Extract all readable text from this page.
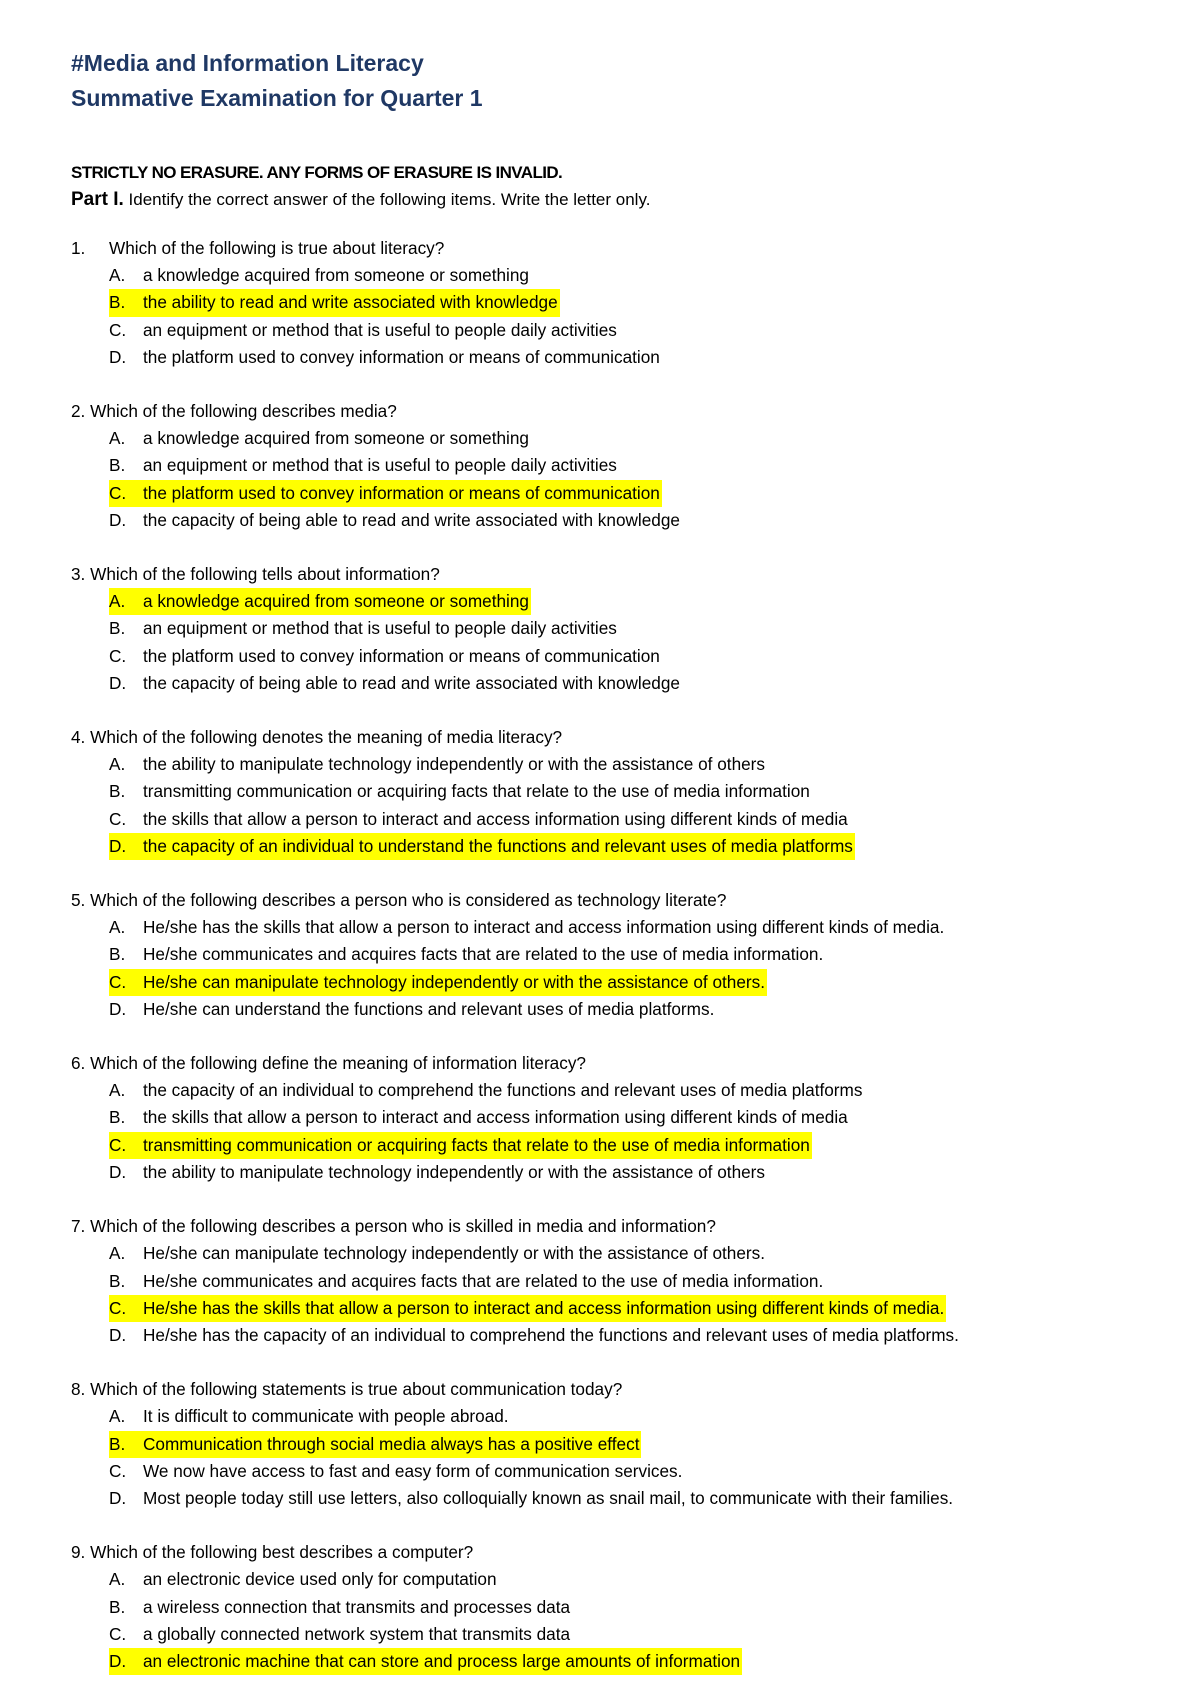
#Media and Information Literacy
Summative Examination for Quarter 1
STRICTLY NO ERASURE. ANY FORMS OF ERASURE IS INVALID.
Part I. Identify the correct answer of the following items. Write the letter only.
1. Which of the following is true about literacy?
A.	a knowledge acquired from someone or something
B. the ability to read and write associated with knowledge
C. an equipment or method that is useful to people daily activities
D. the platform used to convey information or means of communication
2. Which of the following describes media?
A.	a knowledge acquired from someone or something
B.	an equipment or method that is useful to people daily activities
C. the platform used to convey information or means of communication
D. the capacity of being able to read and write associated with knowledge
3. Which of the following tells about information?
A. a knowledge acquired from someone or something
B.	an equipment or method that is useful to people daily activities
C. the platform used to convey information or means of communication
D. the capacity of being able to read and write associated with knowledge
4. Which of the following denotes the meaning of media literacy?
A.	the ability to manipulate technology independently or with the assistance of others
B.	transmitting communication or acquiring facts that relate to the use of media information
C. the skills that allow a person to interact and access information using different kinds of media
D. the capacity of an individual to understand the functions and relevant uses of media platforms
5. Which of the following describes a person who is considered as technology literate?
A.	He/she has the skills that allow a person to interact and access information using different kinds of media.
B.	He/she communicates and acquires facts that are related to the use of media information.
C. He/she can manipulate technology independently or with the assistance of others.
D. He/she can understand the functions and relevant uses of media platforms.
6. Which of the following define the meaning of information literacy?
A.	the capacity of an individual to comprehend the functions and relevant uses of media platforms
B.	the skills that allow a person to interact and access information using different kinds of media
C. transmitting communication or acquiring facts that relate to the use of media information
D. the ability to manipulate technology independently or with the assistance of others
7. Which of the following describes a person who is skilled in media and information?
A.	He/she can manipulate technology independently or with the assistance of others.
B.	He/she communicates and acquires facts that are related to the use of media information.
C. He/she has the skills that allow a person to interact and access information using different kinds of media.
D. He/she has the capacity of an individual to comprehend the functions and relevant uses of media platforms.
8. Which of the following statements is true about communication today?
A.	It is difficult to communicate with people abroad.
B. Communication through social media always has a positive effect
C. We now have access to fast and easy form of communication services.
D. Most people today still use letters, also colloquially known as snail mail, to communicate with their families.
9. Which of the following best describes a computer?
A.	an electronic device used only for computation
B.	a wireless connection that transmits and processes data
C. a globally connected network system that transmits data
D. an electronic machine that can store and process large amounts of information
